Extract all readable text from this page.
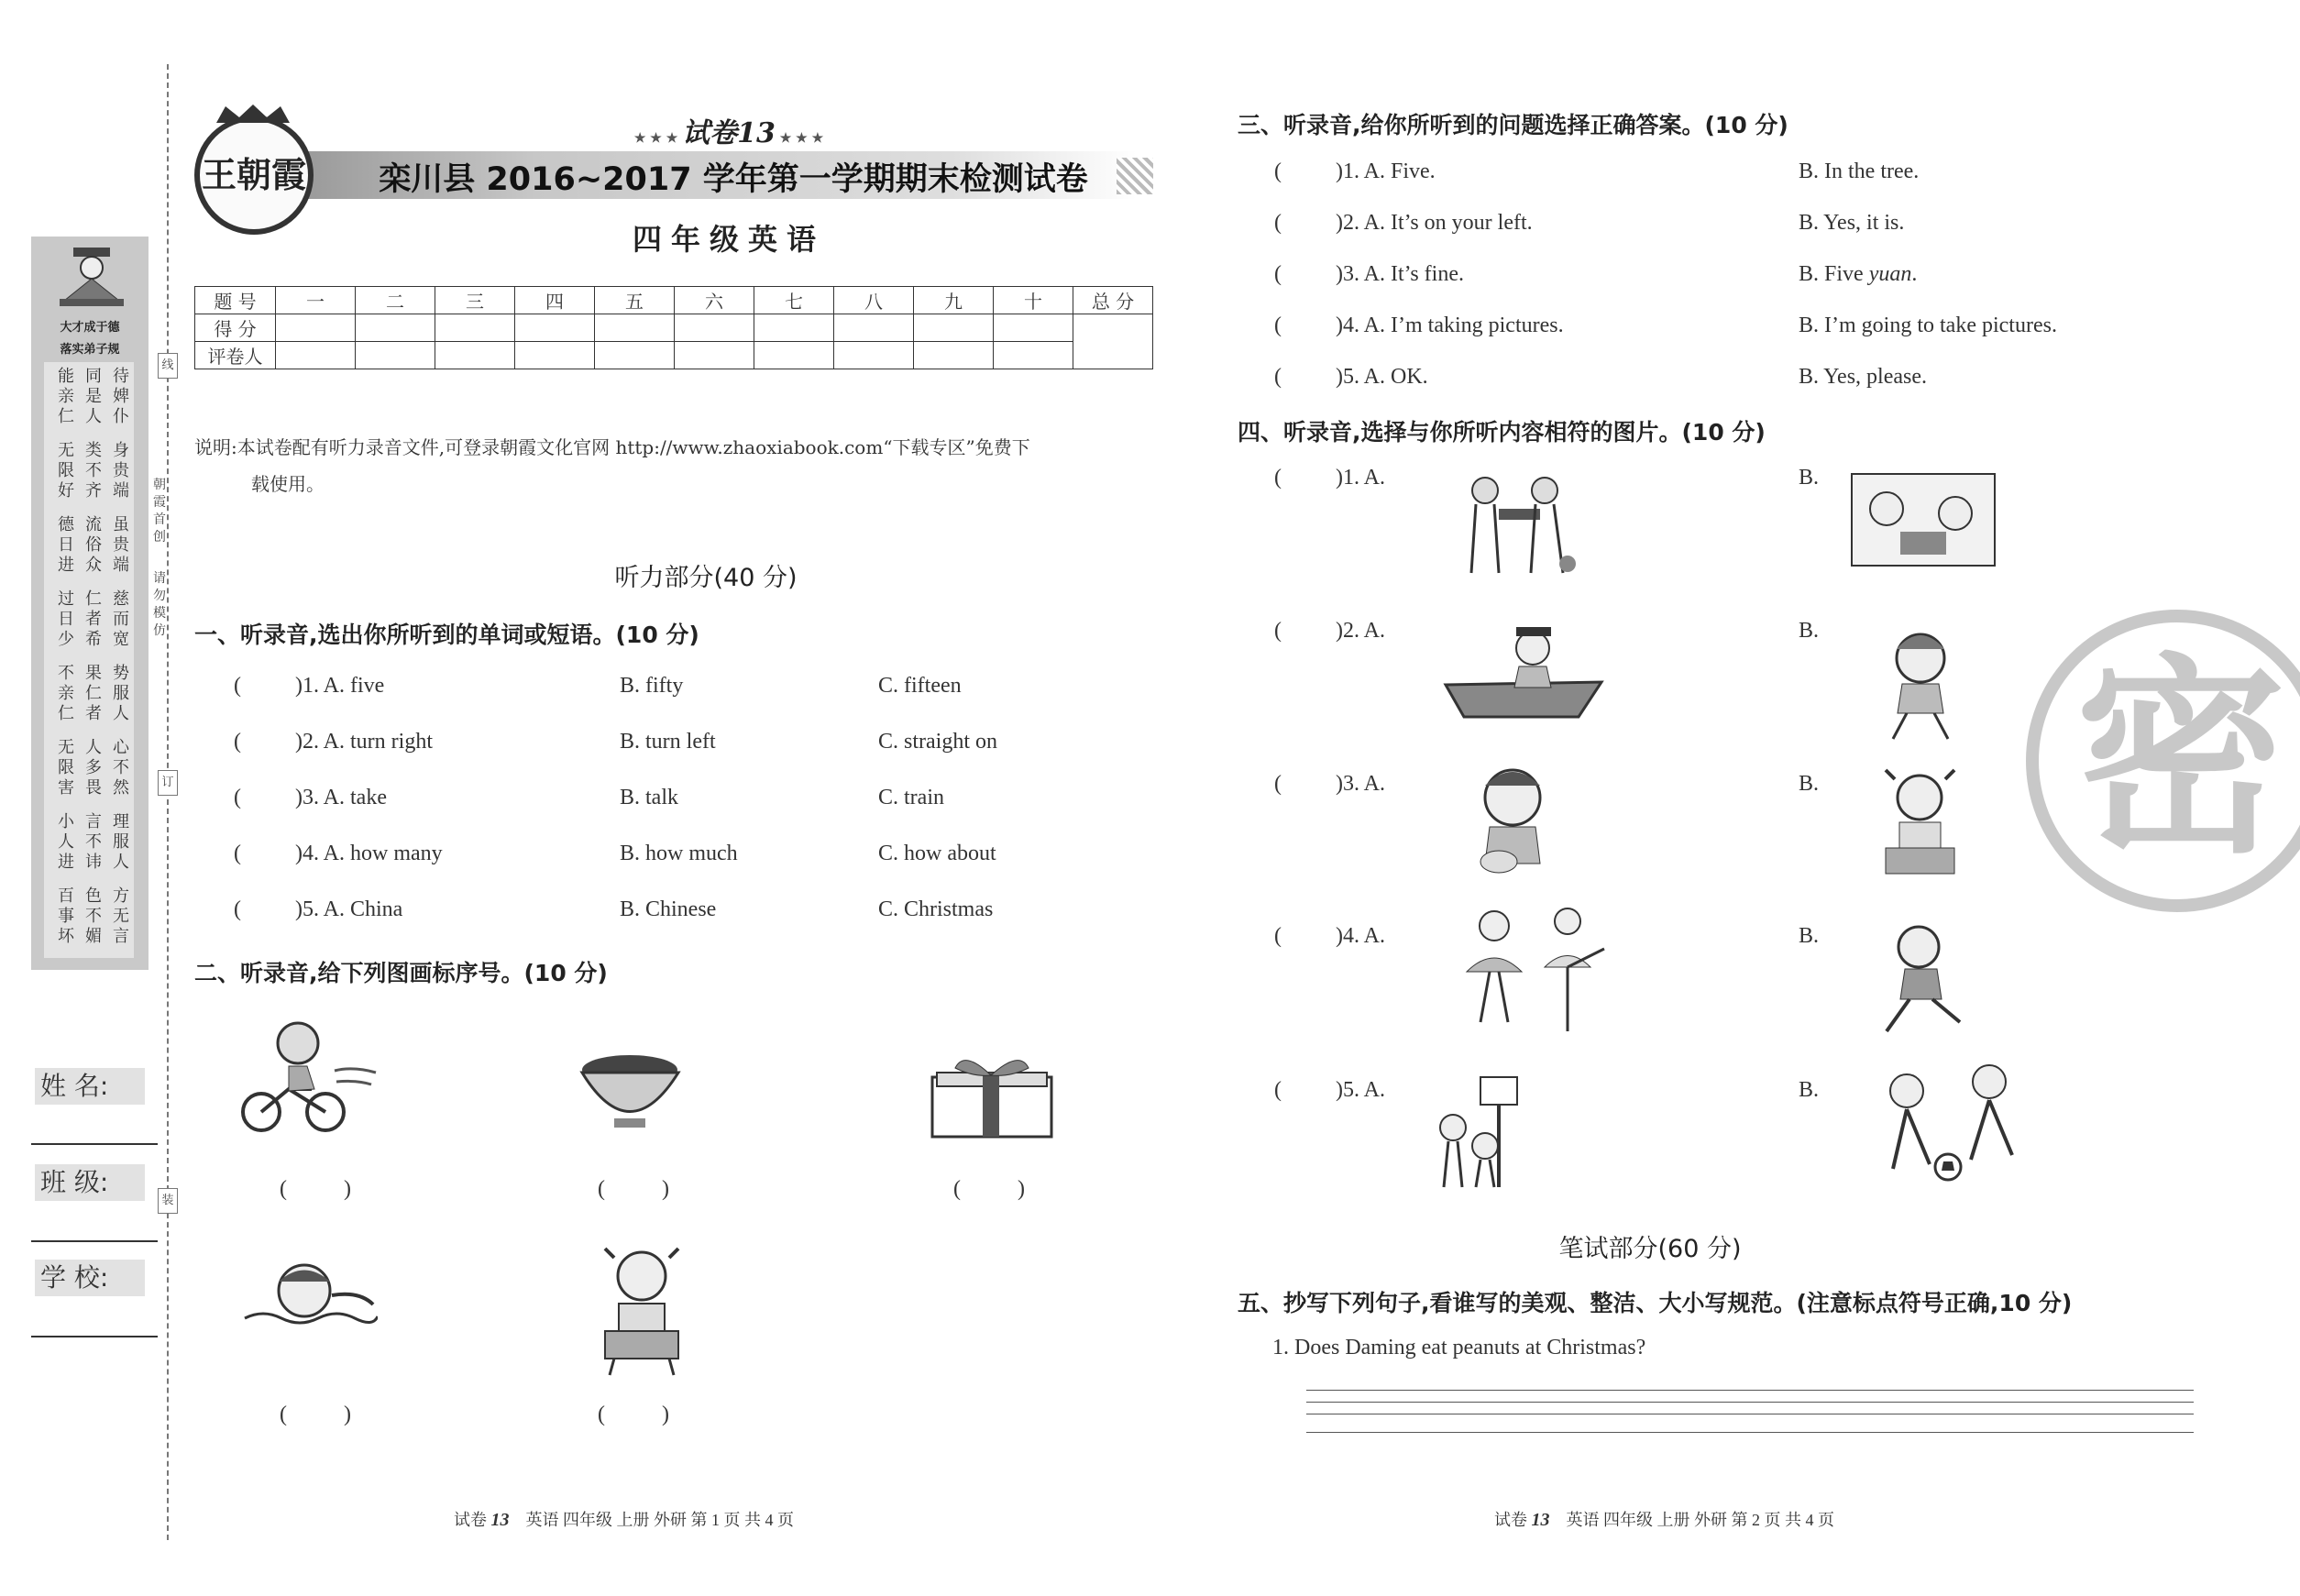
大才成于德
落实弟子规
能亲仁
同是人
待婢仆
无限好
类不齐
身贵端
德日进
流俗众
虽贵端
过日少
仁者希
慈而宽
不亲仁
果仁者
势服人
无限害
人多畏
心不然
小人进
言不讳
理服人
百事坏
色不媚
方无言
朝霞首创
请勿模仿
线
订
装
姓 名:
班 级:
学 校:
王朝霞
★ ★ ★ 试卷13 ★ ★ ★
栾川县 2016~2017 学年第一学期期末检测试卷
四年级英语
题 号	一	二	三	四	五	六	七	八	九	十	总 分
得 分											
评卷人											
说明:本试卷配有听力录音文件,可登录朝霞文化官网 http://www.zhaoxiabook.com“下载专区”免费下
载使用。
听力部分(40 分)
一、听录音,选出你所听到的单词或短语。(10 分)
( )1. A. five	B. fifty	C. fifteen
( )2. A. turn right	B. turn left	C. straight on
( )3. A. take	B. talk	C. train
( )4. A. how many	B. how much	C. how about
( )5. A. China	B. Chinese	C. Christmas
二、听录音,给下列图画标序号。(10 分)
( )	( )	( )
( )	( )
试卷 13 英语 四年级 上册 外研 第 1 页 共 4 页
三、听录音,给你所听到的问题选择正确答案。(10 分)
( )1. A. Five.	B. In the tree.
( )2. A. It’s on your left.	B. Yes, it is.
( )3. A. It’s fine.	B. Five yuan.
( )4. A. I’m taking pictures.	B. I’m going to take pictures.
( )5. A. OK.	B. Yes, please.
四、听录音,选择与你所听内容相符的图片。(10 分)
( )1. A.	B.
( )2. A.	B.
( )3. A.	B.
( )4. A.	B.
( )5. A.	B.
笔试部分(60 分)
五、抄写下列句子,看谁写的美观、整洁、大小写规范。(注意标点符号正确,10 分)
1. Does Daming eat peanuts at Christmas?
密
试卷 13 英语 四年级 上册 外研 第 2 页 共 4 页
